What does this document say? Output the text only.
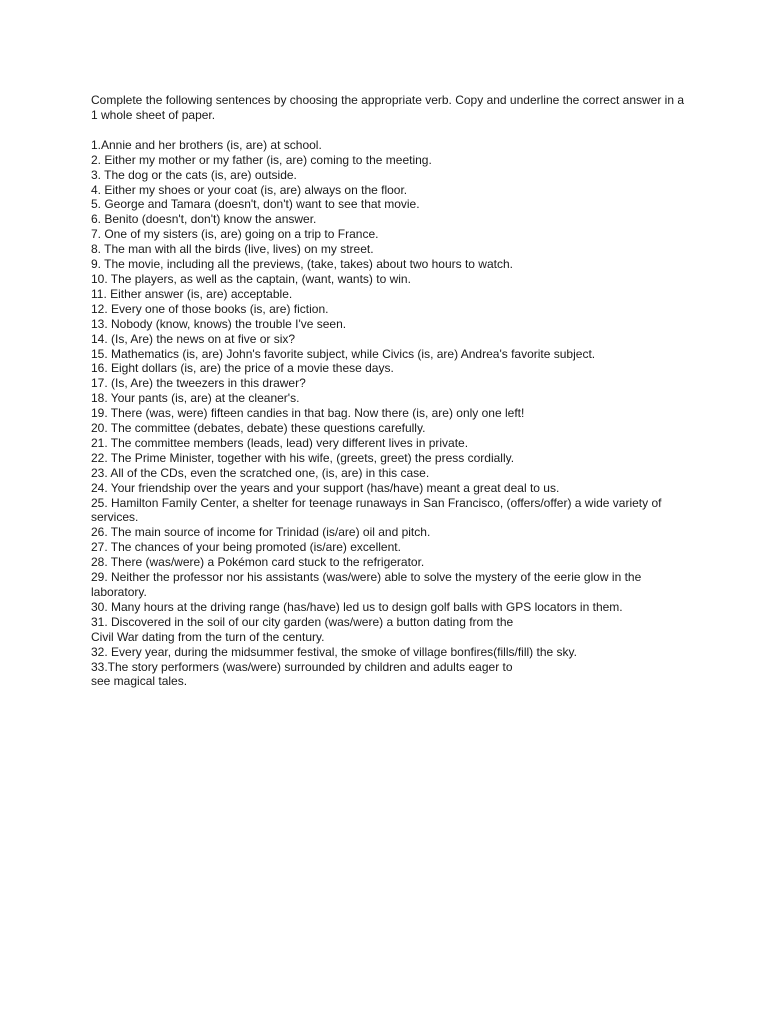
Complete the following sentences by choosing the appropriate verb. Copy and underline the correct answer in a 1 whole sheet of paper.

1.Annie and her brothers (is, are) at school.

2. Either my mother or my father (is, are) coming to the meeting.

3. The dog or the cats (is, are) outside.

4. Either my shoes or your coat (is, are) always on the floor.

5. George and Tamara (doesn't, don't) want to see that movie.

6. Benito (doesn't, don't) know the answer.

7. One of my sisters (is, are) going on a trip to France.

8. The man with all the birds (live, lives) on my street.

9. The movie, including all the previews, (take, takes) about two hours to watch.

10. The players, as well as the captain, (want, wants) to win.

11. Either answer (is, are) acceptable.

12. Every one of those books (is, are) fiction.

13. Nobody (know, knows) the trouble I've seen.

14. (Is, Are) the news on at five or six?

15. Mathematics (is, are) John's favorite subject, while Civics (is, are) Andrea's favorite subject.

16. Eight dollars (is, are) the price of a movie these days.

17. (Is, Are) the tweezers in this drawer?

18. Your pants (is, are) at the cleaner's.

19. There (was, were) fifteen candies in that bag. Now there (is, are) only one left!

20. The committee (debates, debate) these questions carefully.

21. The committee members (leads, lead) very different lives in private.

22. The Prime Minister, together with his wife, (greets, greet) the press cordially.

23. All of the CDs, even the scratched one, (is, are) in this case.

24. Your friendship over the years and your support (has/have) meant a great deal to us.

25. Hamilton Family Center, a shelter for teenage runaways in San Francisco, (offers/offer) a wide variety of services.

26. The main source of income for Trinidad (is/are) oil and pitch.

27. The chances of your being promoted (is/are) excellent.

28. There (was/were) a Pokémon card stuck to the refrigerator.

29. Neither the professor nor his assistants (was/were) able to solve the mystery of the eerie glow in the laboratory.

30. Many hours at the driving range (has/have) led us to design golf balls with GPS locators in them.

31. Discovered in the soil of our city garden (was/were) a button dating from the
Civil War dating from the turn of the century.

32. Every year, during the midsummer festival, the smoke of village bonfires(fills/fill) the sky.

33.The story performers (was/were) surrounded by children and adults eager to
see magical tales.
